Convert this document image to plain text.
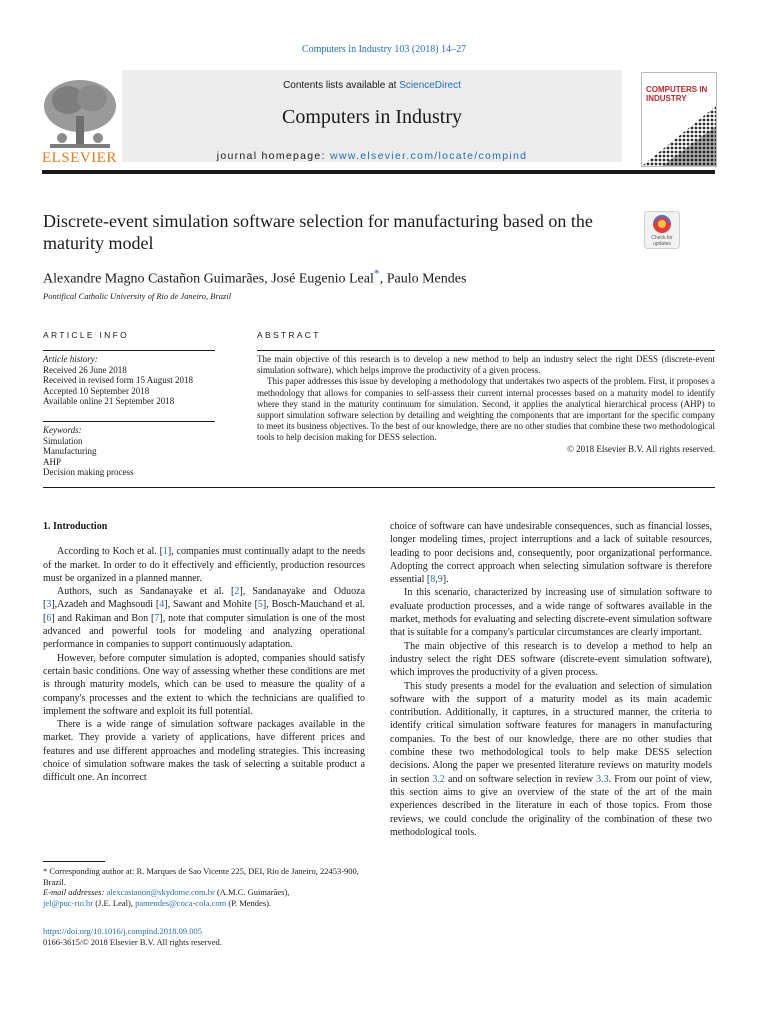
Computers in Industry 103 (2018) 14–27
Contents lists available at ScienceDirect
Computers in Industry
journal homepage: www.elsevier.com/locate/compind
ELSEVIER
COMPUTERS IN INDUSTRY
Discrete-event simulation software selection for manufacturing based on the maturity model	Check for updates
Alexandre Magno Castañon Guimarães, José Eugenio Leal*, Paulo Mendes
Pontifical Catholic University of Rio de Janeiro, Brazil
ARTICLE INFO	ABSTRACT
Article history:
Received 26 June 2018
Received in revised form 15 August 2018
Accepted 10 September 2018
Available online 21 September 2018
Keywords:
Simulation
Manufacturing
AHP
Decision making process

The main objective of this research is to develop a new method to help an industry select the right DESS (discrete-event simulation software), which helps improve the productivity of a given process.

This paper addresses this issue by developing a methodology that undertakes two aspects of the problem. First, it proposes a methodology that allows for companies to self-assess their current internal processes based on a maturity model to identify where they stand in the maturity continuum for simulation. Second, it applies the analytical hierarchical process (AHP) to support simulation software selection by detailing and weighting the components that are important for the specific company to meet its business objectives. To the best of our knowledge, there are no other studies that combine these two methodological tools to help decision making for DESS selection.

© 2018 Elsevier B.V. All rights reserved.
1. Introduction

According to Koch et al. [1], companies must continually adapt to the needs of the market. In order to do it effectively and efficiently, production resources must be organized in a planned manner.

Authors, such as Sandanayake et al. [2], Sandanayake and Oduoza [3],Azadeh and Maghsoudi [4], Sawant and Mohite [5], Bosch-Mauchand et al. [6] and Rakiman and Bon [7], note that computer simulation is one of the most advanced and powerful tools for modeling and analyzing operational performance in companies to support continuously adaptation.

However, before computer simulation is adopted, companies should satisfy certain basic conditions. One way of assessing whether these conditions are met is through maturity models, which can be used to measure the quality of a company's processes and the extent to which the technicians are qualified to implement the software and exploit its full potential.

There is a wide range of simulation software packages available in the market. They provide a variety of applications, have different prices and features and use different approaches and modeling strategies. This increasing choice of simulation software makes the task of selecting a suitable product a difficult one. An incorrect

choice of software can have undesirable consequences, such as financial losses, longer modeling times, project interruptions and a lack of suitable resources, leading to poor decisions and, consequently, poor organizational performance. Adopting the correct approach when selecting simulation software is therefore essential [8,9].

In this scenario, characterized by increasing use of simulation software to evaluate production processes, and a wide range of softwares available in the market, methods for evaluating and selecting discrete-event simulation software that is suitable for a company's particular circumstances are clearly important.

The main objective of this research is to develop a method to help an industry select the right DES software (discrete-event simulation software), which improves the productivity of a given process.

This study presents a model for the evaluation and selection of simulation software with the support of a maturity model as its main academic contribution. Additionally, it captures, in a structured manner, the criteria to identify critical simulation software features for managers in manufacturing companies. To the best of our knowledge, there are no other studies that combine these two methodological tools to help make DESS selection decisions. Along the paper we presented literature reviews on maturity models in section 3.2 and on software selection in review 3.3. From our point of view, this section aims to give an overview of the state of the art of the main experiences described in the literature in each of those topics. From those reviews, we could conclude the originality of the combination of these two methodological tools.

* Corresponding author at: R. Marques de Sao Vicente 225, DEI, Rio de Janeiro, 22453-900, Brazil.

E-mail addresses: alexcastanon@skydome.com.br (A.M.C. Guimarães),
jel@puc-rio.br (J.E. Leal), pamendes@coca-cola.com (P. Mendes).

https://doi.org/10.1016/j.compind.2018.09.005
0166-3615/© 2018 Elsevier B.V. All rights reserved.
